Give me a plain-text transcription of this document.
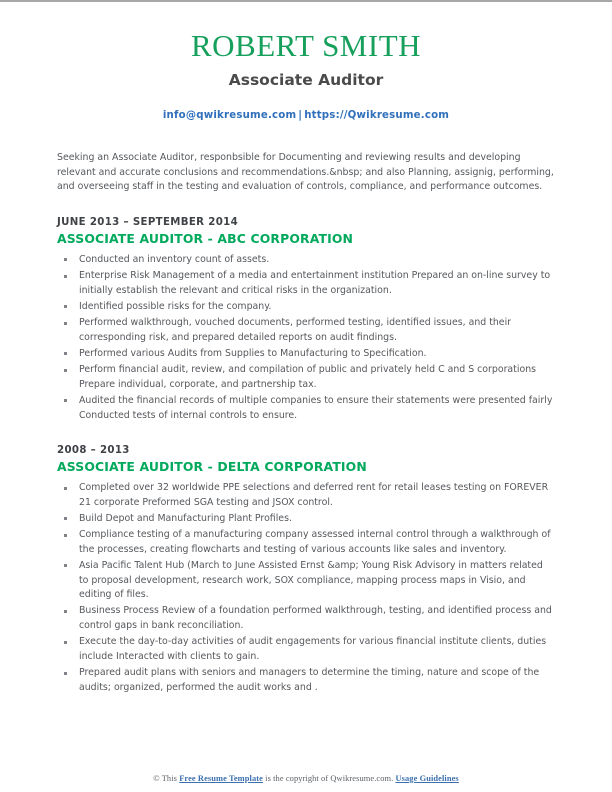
ROBERT SMITH
Associate Auditor
info@qwikresume.com | https://Qwikresume.com
Seeking an Associate Auditor, responbsible for Documenting and reviewing results and developing relevant and accurate conclusions and recommendations.&nbsp; and also Planning, assignig, performing, and overseeing staff in the testing and evaluation of controls, compliance, and performance outcomes.
JUNE 2013 – SEPTEMBER 2014
ASSOCIATE AUDITOR - ABC CORPORATION
Conducted an inventory count of assets.
Enterprise Risk Management of a media and entertainment institution Prepared an on-line survey to initially establish the relevant and critical risks in the organization.
Identified possible risks for the company.
Performed walkthrough, vouched documents, performed testing, identified issues, and their corresponding risk, and prepared detailed reports on audit findings.
Performed various Audits from Supplies to Manufacturing to Specification.
Perform financial audit, review, and compilation of public and privately held C and S corporations Prepare individual, corporate, and partnership tax.
Audited the financial records of multiple companies to ensure their statements were presented fairly Conducted tests of internal controls to ensure.
2008 – 2013
ASSOCIATE AUDITOR - DELTA CORPORATION
Completed over 32 worldwide PPE selections and deferred rent for retail leases testing on FOREVER 21 corporate Preformed SGA testing and JSOX control.
Build Depot and Manufacturing Plant Profiles.
Compliance testing of a manufacturing company assessed internal control through a walkthrough of the processes, creating flowcharts and testing of various accounts like sales and inventory.
Asia Pacific Talent Hub (March to June Assisted Ernst &amp; Young Risk Advisory in matters related to proposal development, research work, SOX compliance, mapping process maps in Visio, and editing of files.
Business Process Review of a foundation performed walkthrough, testing, and identified process and control gaps in bank reconciliation.
Execute the day-to-day activities of audit engagements for various financial institute clients, duties include Interacted with clients to gain.
Prepared audit plans with seniors and managers to determine the timing, nature and scope of the audits; organized, performed the audit works and .
© This Free Resume Template is the copyright of Qwikresume.com. Usage Guidelines
